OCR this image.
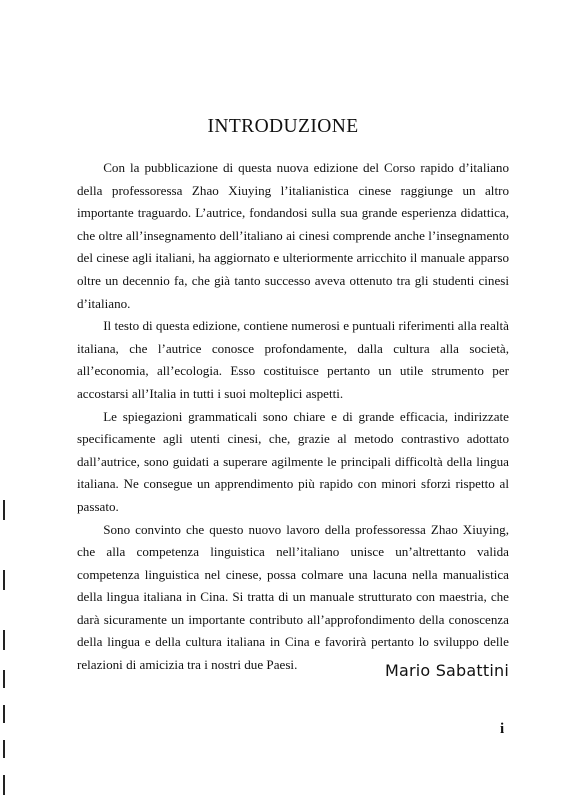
INTRODUZIONE

Con la pubblicazione di questa nuova edizione del Corso rapido d’italiano della professoressa Zhao Xiuying l’italianistica cinese raggiunge un altro importante traguardo. L’autrice, fondandosi sulla sua grande esperienza didattica, che oltre all’insegnamento dell’italiano ai cinesi comprende anche l’insegnamento del cinese agli italiani, ha aggiornato e ulteriormente arricchito il manuale apparso oltre un decennio fa, che già tanto successo aveva ottenuto tra gli studenti cinesi d’italiano.

Il testo di questa edizione, contiene numerosi e puntuali riferimenti alla realtà italiana, che l’autrice conosce profondamente, dalla cultura alla società, all’economia, all’ecologia. Esso costituisce pertanto un utile strumento per accostarsi all’Italia in tutti i suoi molteplici aspetti.

Le spiegazioni grammaticali sono chiare e di grande efficacia, indirizzate specificamente agli utenti cinesi, che, grazie al metodo contrastivo adottato dall’autrice, sono guidati a superare agilmente le principali difficoltà della lingua italiana. Ne consegue un apprendimento più rapido con minori sforzi rispetto al passato.

Sono convinto che questo nuovo lavoro della professoressa Zhao Xiuying, che alla competenza linguistica nell’italiano unisce un’altrettanto valida competenza linguistica nel cinese, possa colmare una lacuna nella manualistica della lingua italiana in Cina. Si tratta di un manuale strutturato con maestria, che darà sicuramente un importante contributo all’approfondimento della conoscenza della lingua e della cultura italiana in Cina e favorirà pertanto lo sviluppo delle relazioni di amicizia tra i nostri due Paesi.	Mario Sabattini
i
